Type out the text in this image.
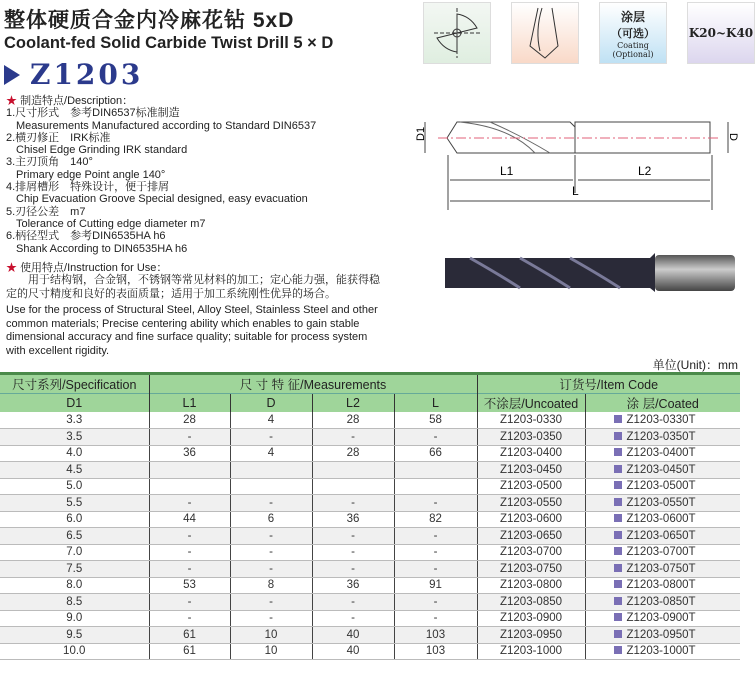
整体硬质合金内冷麻花钻 5xD
Coolant-fed Solid Carbide Twist Drill 5 × D
Z1203
涂层
（可选）
Coating
(Optional)
K20~K40
★ 制造特点/Description：
1.尺寸形式　参考DIN6537标准制造
Measurements Manufactured according to Standard DIN6537
2.横刃修正　IRK标准
Chisel Edge Grinding IRK standard
3.主刃顶角　140°
Primary edge Point angle 140°
4.排屑槽形　特殊设计，便于排屑
Chip Evacuation Groove Special designed, easy evacuation
5.刃径公差　m7
Tolerance of Cutting edge diameter m7
6.柄径型式　参考DIN6535HA h6
Shank According to DIN6535HA h6
★ 使用特点/Instruction for Use：
　　用于结构钢，合金钢，不锈钢等常见材料的加工；定心能力强，能获得稳定的尺寸精度和良好的表面质量；适用于加工系统刚性优异的场合。
Use for the process of Structural Steel, Alloy Steel, Stainless Steel and other common materials; Precise centering ability which enables to gain stable dimensional accuracy and fine surface quality; suitable for process system with excellent rigidity.
D1	D
L1	L2
L
单位(Unit)：mm
尺寸系列/Specification	尺 寸 特 征/Measurements				订货号/Item Code	
D1	L1	D	L2	L	不涂层/Uncoated	涂 层/Coated
3.3	28	4	28	58	Z1203-0330	Z1203-0330T
3.5	-	-	-	-	Z1203-0350	Z1203-0350T
4.0	36	4	28	66	Z1203-0400	Z1203-0400T
4.5					Z1203-0450	Z1203-0450T
5.0					Z1203-0500	Z1203-0500T
5.5	-	-	-	-	Z1203-0550	Z1203-0550T
6.0	44	6	36	82	Z1203-0600	Z1203-0600T
6.5	-	-	-	-	Z1203-0650	Z1203-0650T
7.0	-	-	-	-	Z1203-0700	Z1203-0700T
7.5	-	-	-	-	Z1203-0750	Z1203-0750T
8.0	53	8	36	91	Z1203-0800	Z1203-0800T
8.5	-	-	-	-	Z1203-0850	Z1203-0850T
9.0	-	-	-	-	Z1203-0900	Z1203-0900T
9.5	61	10	40	103	Z1203-0950	Z1203-0950T
10.0	61	10	40	103	Z1203-1000	Z1203-1000T
